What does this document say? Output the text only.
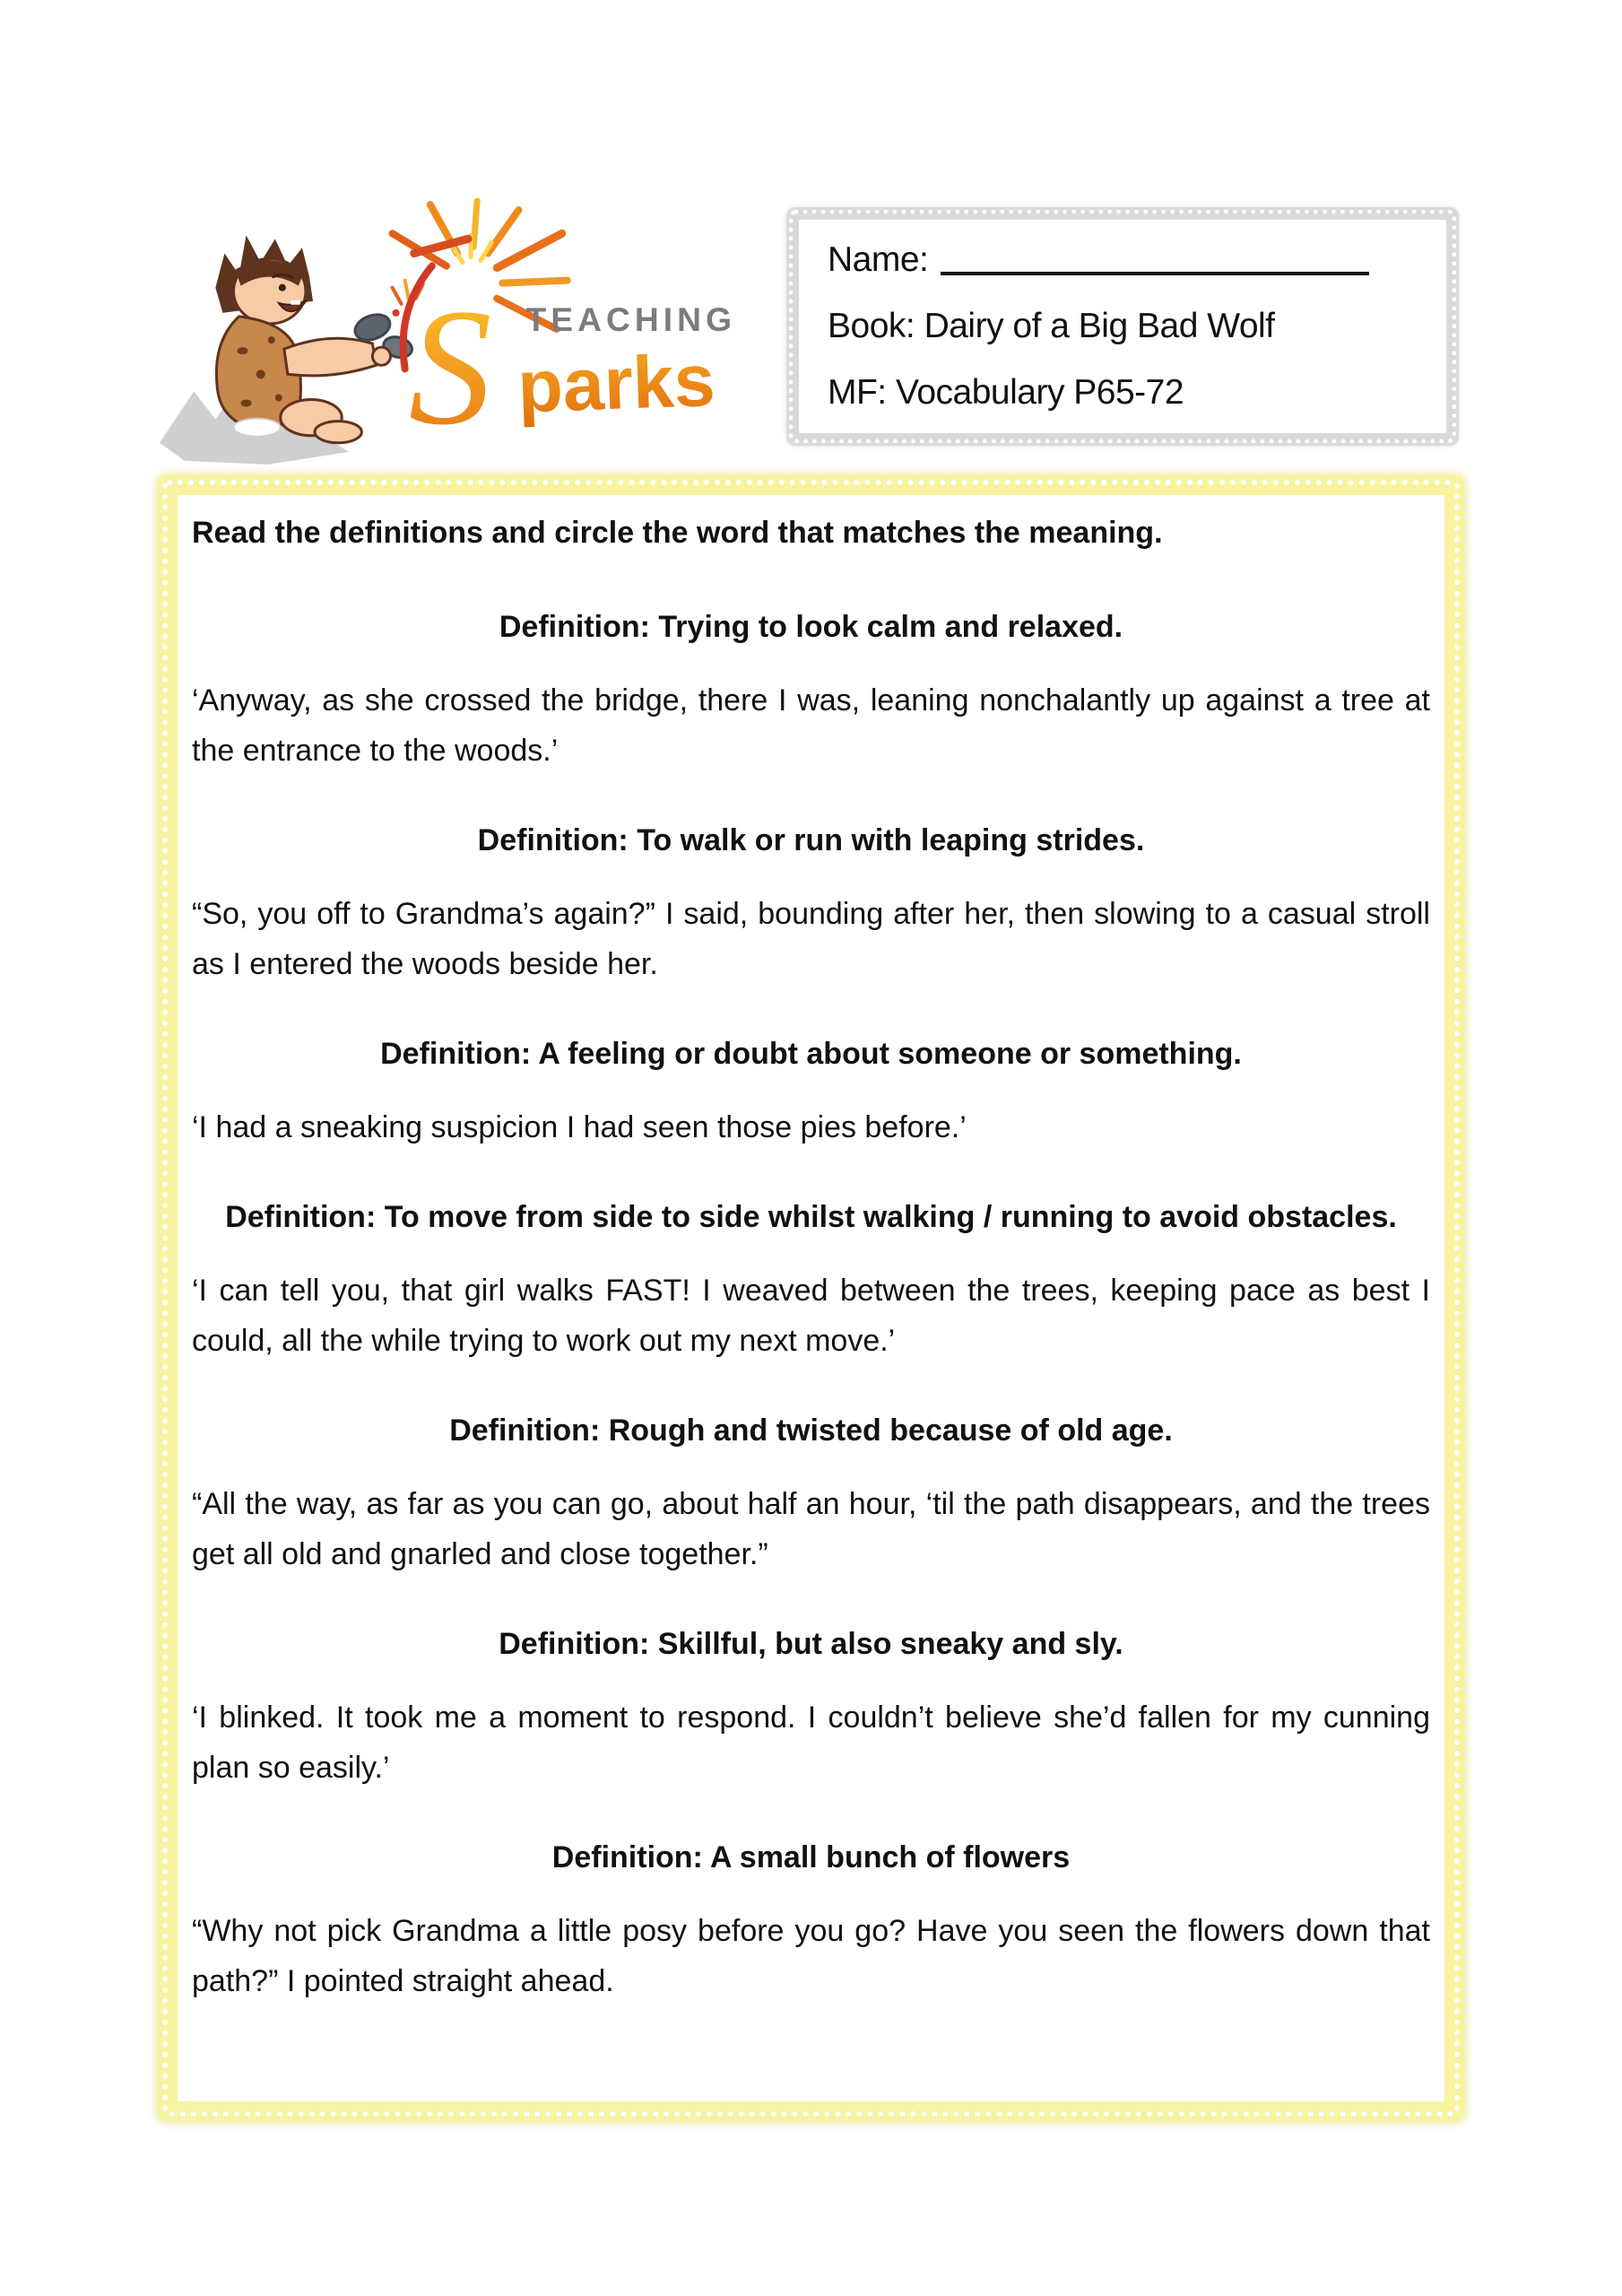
S TEACHING
parks
Name:
Book: Dairy of a Big Bad Wolf
MF: Vocabulary P65-72

Read the definitions and circle the word that matches the meaning.

Definition: Trying to look calm and relaxed.

‘Anyway, as she crossed the bridge, there I was, leaning nonchalantly up against a tree at the entrance to the woods.’

Definition: To walk or run with leaping strides.

“So, you off to Grandma’s again?” I said, bounding after her, then slowing to a casual stroll as I entered the woods beside her.

Definition: A feeling or doubt about someone or something.

‘I had a sneaking suspicion I had seen those pies before.’

Definition: To move from side to side whilst walking / running to avoid obstacles.

‘I can tell you, that girl walks FAST! I weaved between the trees, keeping pace as best I could, all the while trying to work out my next move.’

Definition: Rough and twisted because of old age.

“All the way, as far as you can go, about half an hour, ‘til the path disappears, and the trees get all old and gnarled and close together.”

Definition: Skillful, but also sneaky and sly.

‘I blinked. It took me a moment to respond. I couldn’t believe she’d fallen for my cunning plan so easily.’

Definition: A small bunch of flowers

“Why not pick Grandma a little posy before you go? Have you seen the flowers down that path?” I pointed straight ahead.
